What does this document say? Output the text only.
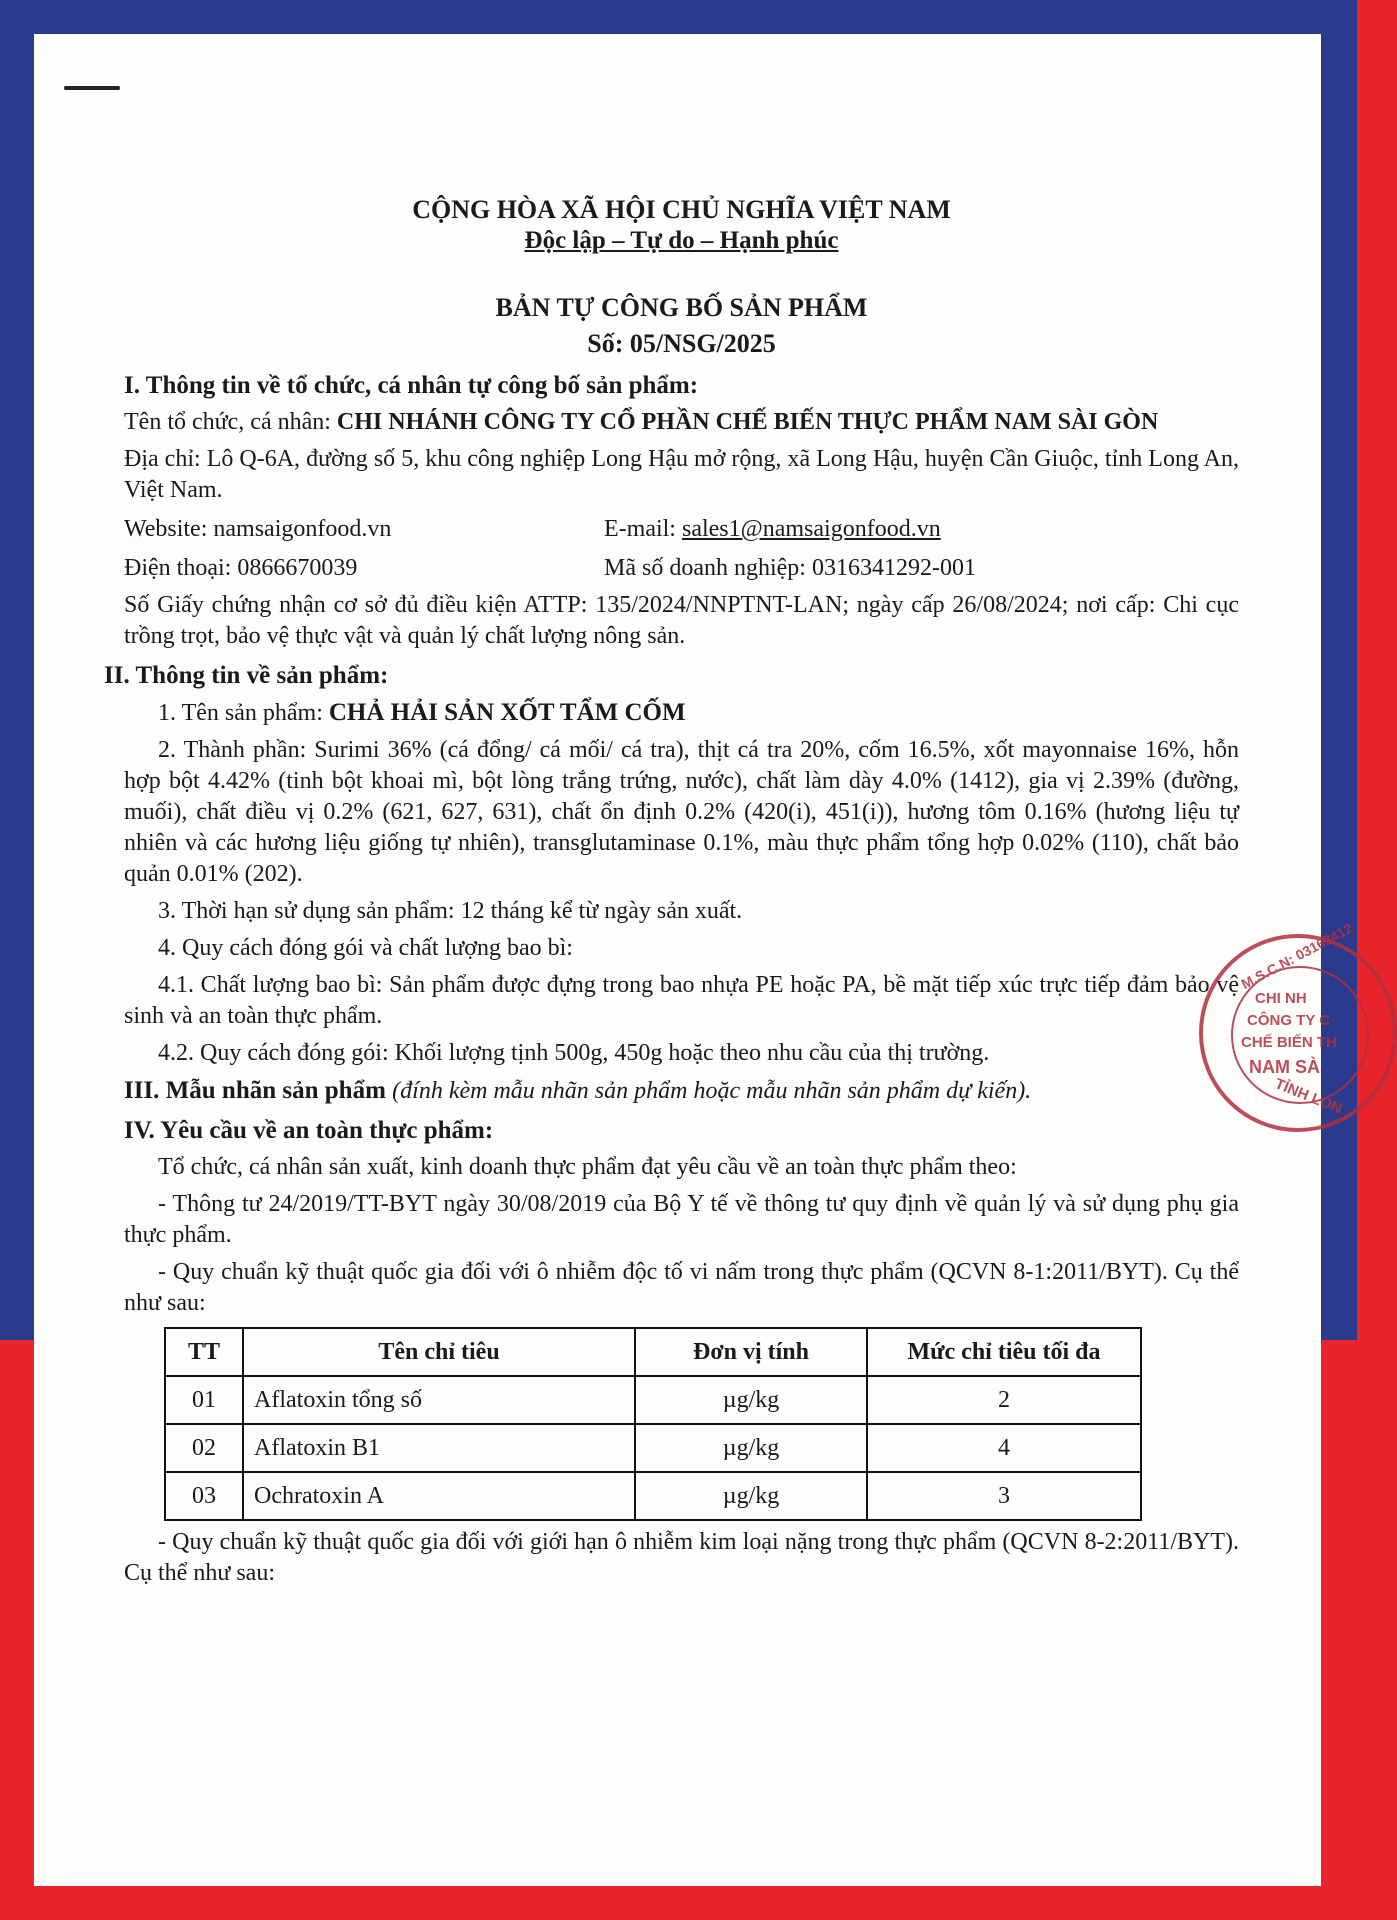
CỘNG HÒA XÃ HỘI CHỦ NGHĨA VIỆT NAM

Độc lập – Tự do – Hạnh phúc

BẢN TỰ CÔNG BỐ SẢN PHẨM

Số: 05/NSG/2025

I. Thông tin về tổ chức, cá nhân tự công bố sản phẩm:

Tên tổ chức, cá nhân: CHI NHÁNH CÔNG TY CỔ PHẦN CHẾ BIẾN THỰC PHẨM NAM SÀI GÒN

Địa chỉ: Lô Q-6A, đường số 5, khu công nghiệp Long Hậu mở rộng, xã Long Hậu, huyện Cần Giuộc, tỉnh Long An, Việt Nam.

Website: namsaigonfood.vn	E-mail: sales1@namsaigonfood.vn
Điện thoại: 0866670039	Mã số doanh nghiệp: 0316341292-001

Số Giấy chứng nhận cơ sở đủ điều kiện ATTP: 135/2024/NNPTNT-LAN; ngày cấp 26/08/2024; nơi cấp: Chi cục trồng trọt, bảo vệ thực vật và quản lý chất lượng nông sản.

II. Thông tin về sản phẩm:

1. Tên sản phẩm: CHẢ HẢI SẢN XỐT TẨM CỐM

2. Thành phần: Surimi 36% (cá đổng/ cá mối/ cá tra), thịt cá tra 20%, cốm 16.5%, xốt mayonnaise 16%, hỗn hợp bột 4.42% (tinh bột khoai mì, bột lòng trắng trứng, nước), chất làm dày 4.0% (1412), gia vị 2.39% (đường, muối), chất điều vị 0.2% (621, 627, 631), chất ổn định 0.2% (420(i), 451(i)), hương tôm 0.16% (hương liệu tự nhiên và các hương liệu giống tự nhiên), transglutaminase 0.1%, màu thực phẩm tổng hợp 0.02% (110), chất bảo quản 0.01% (202).

3. Thời hạn sử dụng sản phẩm: 12 tháng kể từ ngày sản xuất.

4. Quy cách đóng gói và chất lượng bao bì:

4.1. Chất lượng bao bì: Sản phẩm được đựng trong bao nhựa PE hoặc PA, bề mặt tiếp xúc trực tiếp đảm bảo vệ sinh và an toàn thực phẩm.

4.2. Quy cách đóng gói: Khối lượng tịnh 500g, 450g hoặc theo nhu cầu của thị trường.

III. Mẫu nhãn sản phẩm (đính kèm mẫu nhãn sản phẩm hoặc mẫu nhãn sản phẩm dự kiến).

IV. Yêu cầu về an toàn thực phẩm:

Tổ chức, cá nhân sản xuất, kinh doanh thực phẩm đạt yêu cầu về an toàn thực phẩm theo:

- Thông tư 24/2019/TT-BYT ngày 30/08/2019 của Bộ Y tế về thông tư quy định về quản lý và sử dụng phụ gia thực phẩm.

- Quy chuẩn kỹ thuật quốc gia đối với ô nhiễm độc tố vi nấm trong thực phẩm (QCVN 8-1:2011/BYT). Cụ thể như sau:

TT	Tên chỉ tiêu	Đơn vị tính	Mức chỉ tiêu tối đa
01	Aflatoxin tổng số	µg/kg	2
02	Aflatoxin B1	µg/kg	4
03	Ochratoxin A	µg/kg	3

- Quy chuẩn kỹ thuật quốc gia đối với giới hạn ô nhiễm kim loại nặng trong thực phẩm (QCVN 8-2:2011/BYT). Cụ thể như sau:

M.S.C.N: 03163412
CHI NH
CÔNG TY C
CHẾ BIẾN TH
NAM SÀ
TỈNH LON
